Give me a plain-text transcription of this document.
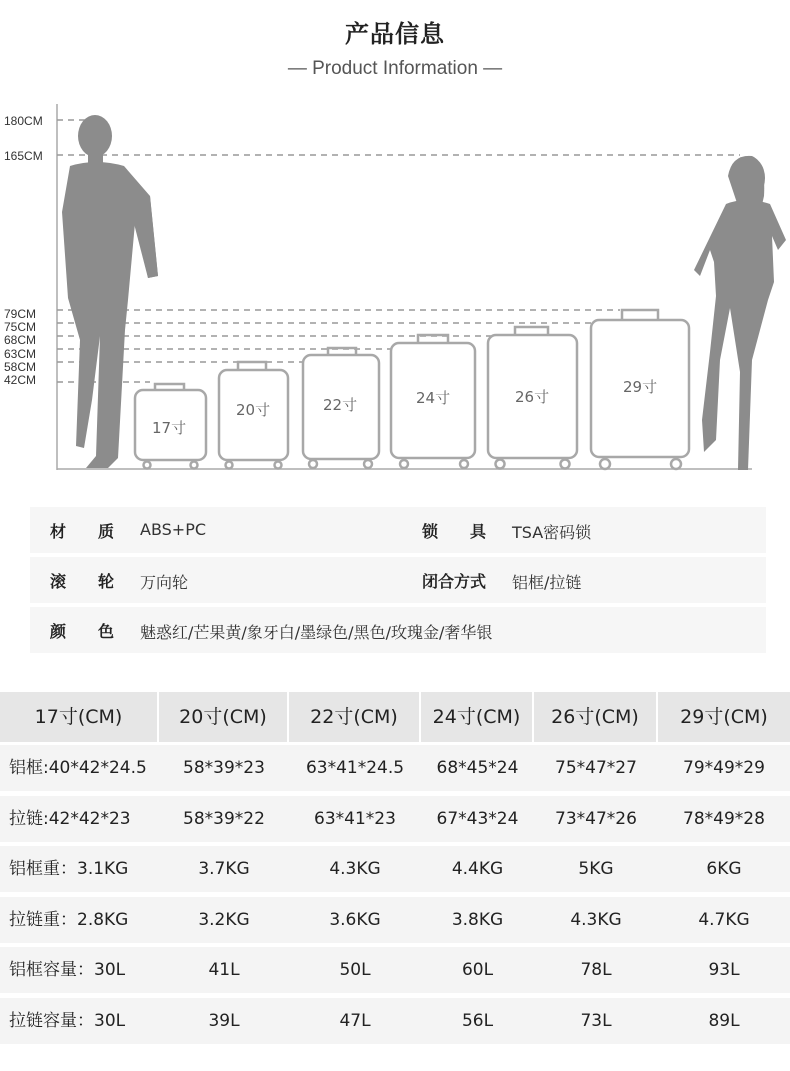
产品信息
— Product Information —
180CM
165CM
79CM
75CM
68CM
63CM
58CM
42CM
17寸
20寸	22寸	24寸	26寸
29寸
材　　质 ABS+PC	锁　　具 TSA密码锁
滚　　轮 万向轮	闭合方式 铝框/拉链
颜　　色 魅惑红/芒果黄/象牙白/墨绿色/黑色/玫瑰金/奢华银
17寸(CM)	20寸(CM)	22寸(CM)	24寸(CM)	26寸(CM)	29寸(CM)
铝框:40*42*24.5	58*39*23	63*41*24.5	68*45*24	75*47*27	79*49*29
拉链:42*42*23	58*39*22	63*41*23	67*43*24	73*47*26	78*49*28
铝框重：3.1KG	3.7KG	4.3KG	4.4KG	5KG	6KG
拉链重：2.8KG	3.2KG	3.6KG	3.8KG	4.3KG	4.7KG
铝框容量：30L	41L	50L	60L	78L	93L
拉链容量：30L	39L	47L	56L	73L	89L
